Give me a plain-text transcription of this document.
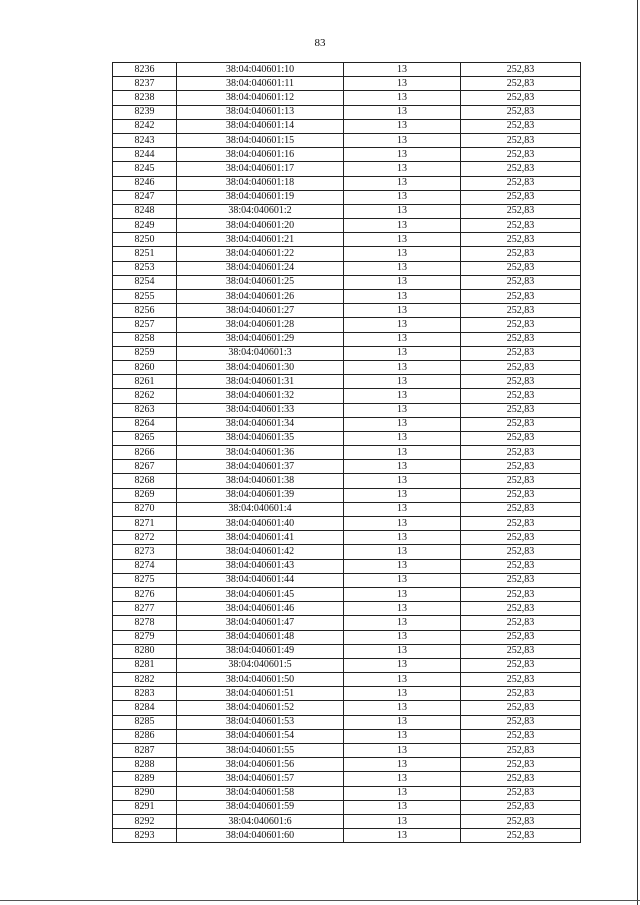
83
8236	38:04:040601:10	13	252,83
8237	38:04:040601:11	13	252,83
8238	38:04:040601:12	13	252,83
8239	38:04:040601:13	13	252,83
8242	38:04:040601:14	13	252,83
8243	38:04:040601:15	13	252,83
8244	38:04:040601:16	13	252,83
8245	38:04:040601:17	13	252,83
8246	38:04:040601:18	13	252,83
8247	38:04:040601:19	13	252,83
8248	38:04:040601:2	13	252,83
8249	38:04:040601:20	13	252,83
8250	38:04:040601:21	13	252,83
8251	38:04:040601:22	13	252,83
8253	38:04:040601:24	13	252,83
8254	38:04:040601:25	13	252,83
8255	38:04:040601:26	13	252,83
8256	38:04:040601:27	13	252,83
8257	38:04:040601:28	13	252,83
8258	38:04:040601:29	13	252,83
8259	38:04:040601:3	13	252,83
8260	38:04:040601:30	13	252,83
8261	38:04:040601:31	13	252,83
8262	38:04:040601:32	13	252,83
8263	38:04:040601:33	13	252,83
8264	38:04:040601:34	13	252,83
8265	38:04:040601:35	13	252,83
8266	38:04:040601:36	13	252,83
8267	38:04:040601:37	13	252,83
8268	38:04:040601:38	13	252,83
8269	38:04:040601:39	13	252,83
8270	38:04:040601:4	13	252,83
8271	38:04:040601:40	13	252,83
8272	38:04:040601:41	13	252,83
8273	38:04:040601:42	13	252,83
8274	38:04:040601:43	13	252,83
8275	38:04:040601:44	13	252,83
8276	38:04:040601:45	13	252,83
8277	38:04:040601:46	13	252,83
8278	38:04:040601:47	13	252,83
8279	38:04:040601:48	13	252,83
8280	38:04:040601:49	13	252,83
8281	38:04:040601:5	13	252,83
8282	38:04:040601:50	13	252,83
8283	38:04:040601:51	13	252,83
8284	38:04:040601:52	13	252,83
8285	38:04:040601:53	13	252,83
8286	38:04:040601:54	13	252,83
8287	38:04:040601:55	13	252,83
8288	38:04:040601:56	13	252,83
8289	38:04:040601:57	13	252,83
8290	38:04:040601:58	13	252,83
8291	38:04:040601:59	13	252,83
8292	38:04:040601:6	13	252,83
8293	38:04:040601:60	13	252,83
